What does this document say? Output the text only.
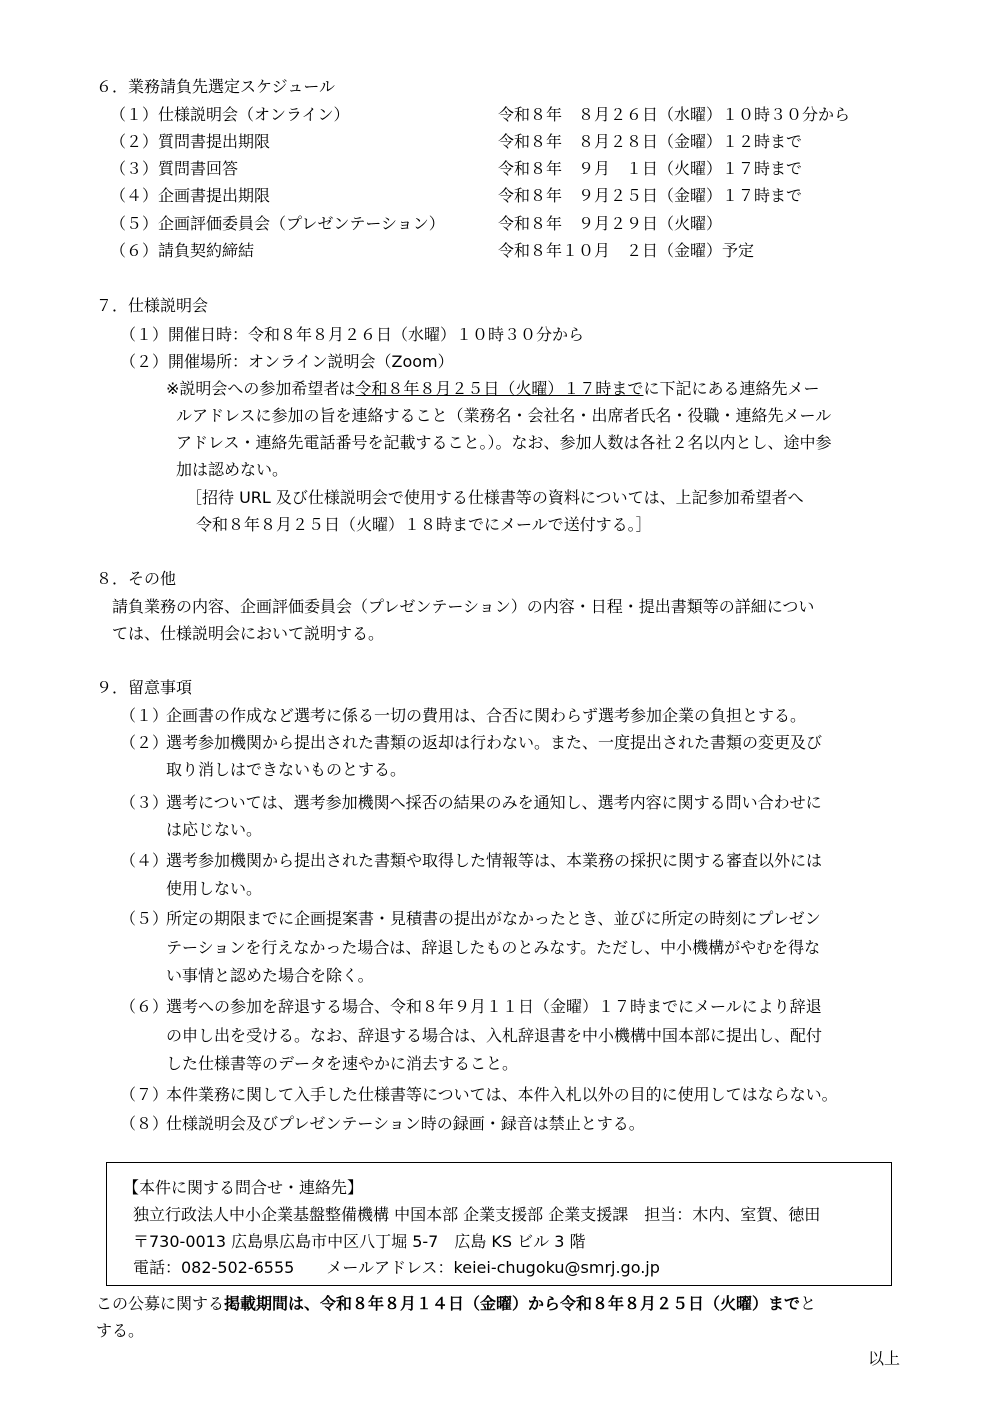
６．業務請負先選定スケジュール
（１）仕様説明会（オンライン）	令和８年　８月２６日（水曜）１０時３０分から
（２）質問書提出期限	令和８年　８月２８日（金曜）１２時まで
（３）質問書回答	令和８年　９月　１日（火曜）１７時まで
（４）企画書提出期限	令和８年　９月２５日（金曜）１７時まで
（５）企画評価委員会（プレゼンテーション）	令和８年　９月２９日（火曜）
（６）請負契約締結	令和８年１０月　２日（金曜）予定
７．仕様説明会
（１）開催日時：令和８年８月２６日（水曜）１０時３０分から
（２）開催場所：オンライン説明会（Zoom）
※説明会への参加希望者は令和８年８月２５日（火曜）１７時までに下記にある連絡先メー
ルアドレスに参加の旨を連絡すること（業務名・会社名・出席者氏名・役職・連絡先メール
アドレス・連絡先電話番号を記載すること。）。なお、参加人数は各社２名以内とし、途中参
加は認めない。
［招待 URL 及び仕様説明会で使用する仕様書等の資料については、上記参加希望者へ
令和８年８月２５日（火曜）１８時までにメールで送付する。］
８．その他
請負業務の内容、企画評価委員会（プレゼンテーション）の内容・日程・提出書類等の詳細につい
ては、仕様説明会において説明する。
９．留意事項
（１）
企画書の作成など選考に係る一切の費用は、合否に関わらず選考参加企業の負担とする。
（２）
選考参加機関から提出された書類の返却は行わない。また、一度提出された書類の変更及び
取り消しはできないものとする。
（３）
選考については、選考参加機関へ採否の結果のみを通知し、選考内容に関する問い合わせに
は応じない。
（４）
選考参加機関から提出された書類や取得した情報等は、本業務の採択に関する審査以外には
使用しない。
（５）
所定の期限までに企画提案書・見積書の提出がなかったとき、並びに所定の時刻にプレゼン
テーションを行えなかった場合は、辞退したものとみなす。ただし、中小機構がやむを得な
い事情と認めた場合を除く。
（６）
選考への参加を辞退する場合、令和８年９月１１日（金曜）１７時までにメールにより辞退
の申し出を受ける。なお、辞退する場合は、入札辞退書を中小機構中国本部に提出し、配付
した仕様書等のデータを速やかに消去すること。
（７）
本件業務に関して入手した仕様書等については、本件入札以外の目的に使用してはならない。
（８）
仕様説明会及びプレゼンテーション時の録画・録音は禁止とする。
【本件に関する問合せ・連絡先】
独立行政法人中小企業基盤整備機構 中国本部 企業支援部 企業支援課　担当：木内、室賀、徳田
〒730-0013 広島県広島市中区八丁堀 5-7　広島 KS ビル 3 階
電話：082-502-6555　　メールアドレス：keiei-chugoku@smrj.go.jp
この公募に関する掲載期間は、令和８年８月１４日（金曜）から令和８年８月２５日（火曜）までと
する。
以上
